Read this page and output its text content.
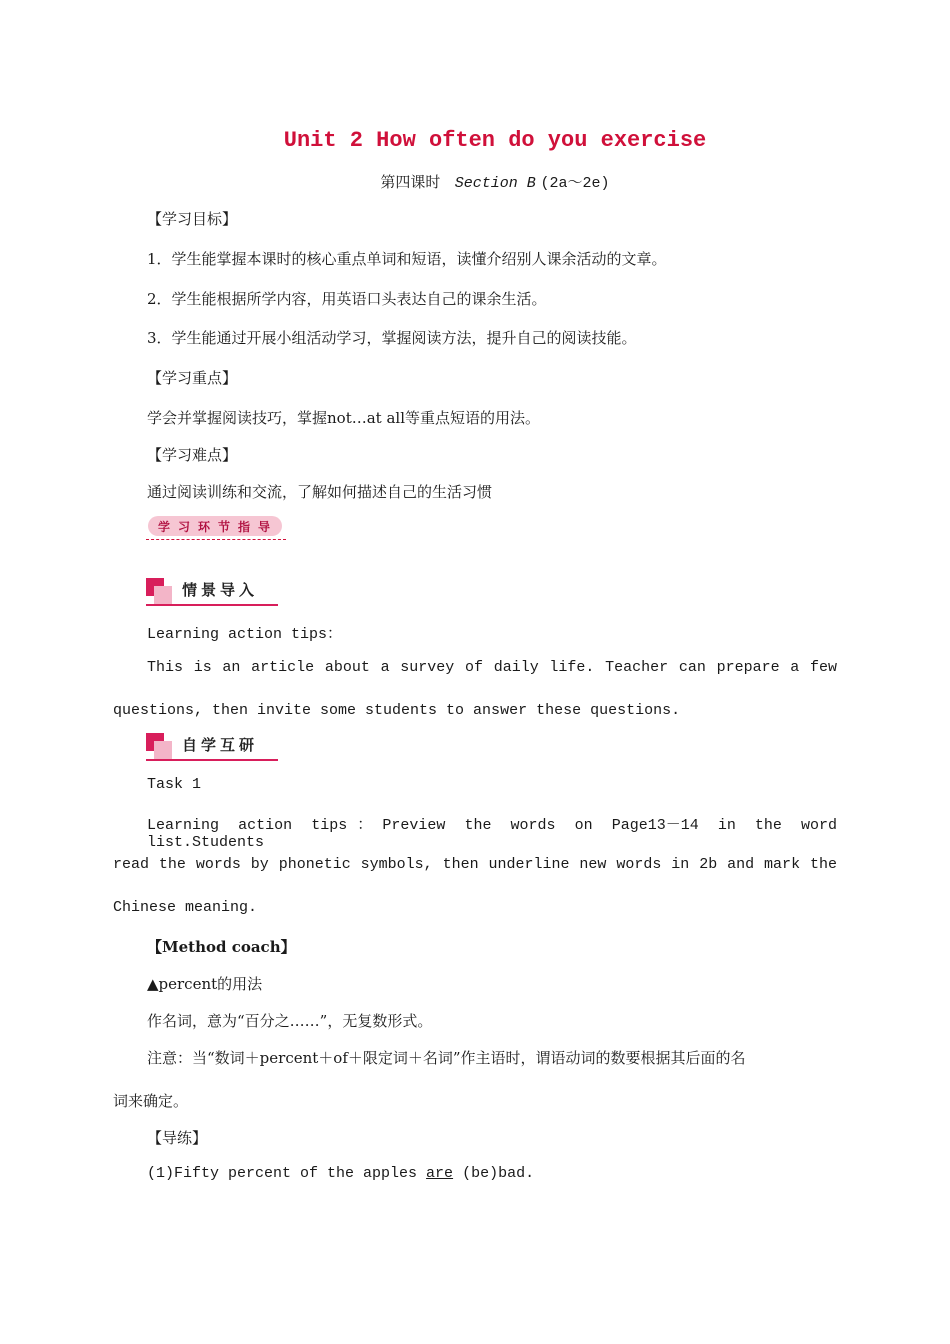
Unit 2 How often do you exercise
第四课时 Section B (2a～2e)
【学习目标】
1．学生能掌握本课时的核心重点单词和短语，读懂介绍别人课余活动的文章。
2．学生能根据所学内容，用英语口头表达自己的课余生活。
3．学生能通过开展小组活动学习，掌握阅读方法，提升自己的阅读技能。
【学习重点】
学会并掌握阅读技巧，掌握not…at all等重点短语的用法。
【学习难点】
通过阅读训练和交流，了解如何描述自己的生活习惯
学习环节指导
情景导入
Learning action tips：
This is an article about a survey of daily life. Teacher can prepare a few
questions, then invite some students to answer these questions.
自学互研
Task 1
Learning action tips：Preview the words on Page13－14 in the word list.Students
read the words by phonetic symbols, then underline new words in 2b and mark the
Chinese meaning.
【Method coach】
▲percent的用法
作名词，意为“百分之……”，无复数形式。
注意：当“数词＋percent＋of＋限定词＋名词”作主语时，谓语动词的数要根据其后面的名
词来确定。
【导练】
(1)Fifty percent of the apples are (be)bad.
